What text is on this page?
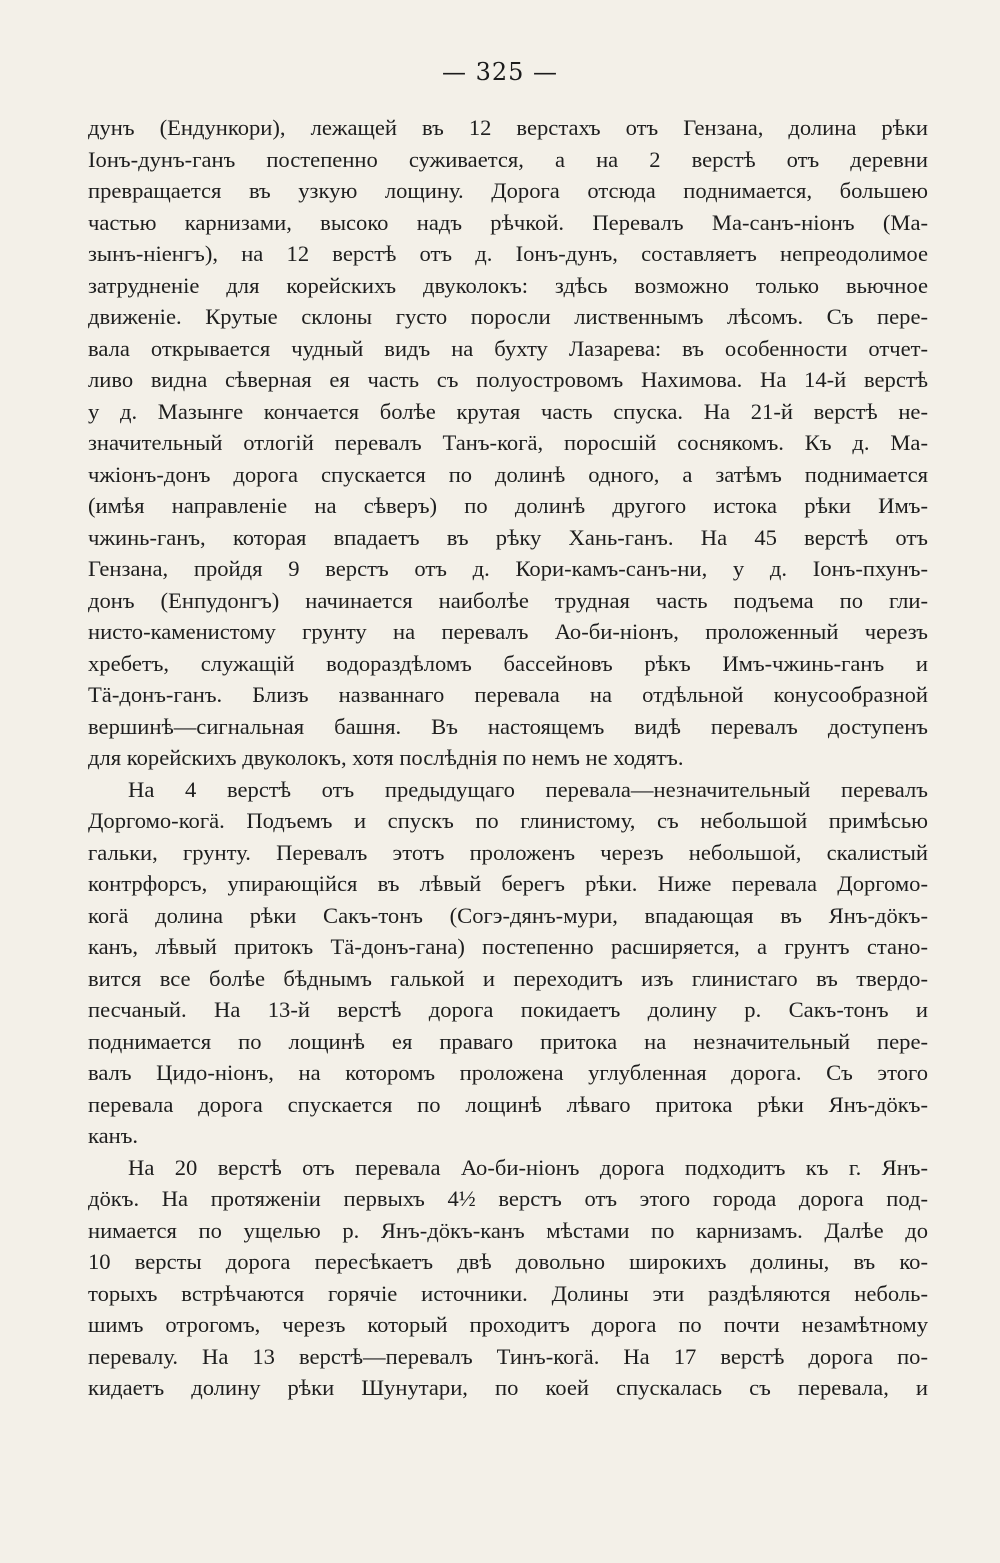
— 325 —
дунъ (Ендункори), лежащей въ 12 верстахъ отъ Гензана, долина рѣки
Іонъ-дунъ-ганъ постепенно суживается, а на 2 верстѣ отъ деревни
превращается въ узкую лощину. Дорога отсюда поднимается, большею
частью карнизами, высоко надъ рѣчкой. Перевалъ Ма-санъ-ніонъ (Ма-
зынъ-ніенгъ), на 12 верстѣ отъ д. Іонъ-дунъ, составляетъ непреодолимое
затрудненіе для корейскихъ двуколокъ: здѣсь возможно только вьючное
движеніе. Крутые склоны густо поросли лиственнымъ лѣсомъ. Съ пере-
вала открывается чудный видъ на бухту Лазарева: въ особенности отчет-
ливо видна сѣверная ея часть съ полуостровомъ Нахимова. На 14-й верстѣ
у д. Мазынге кончается болѣе крутая часть спуска. На 21-й верстѣ не-
значительный отлогій перевалъ Танъ-когä, поросшій соснякомъ. Къ д. Ма-
чжіонъ-донъ дорога спускается по долинѣ одного, а затѣмъ поднимается
(имѣя направленіе на сѣверъ) по долинѣ другого истока рѣки Имъ-
чжинь-ганъ, которая впадаетъ въ рѣку Хань-ганъ. На 45 верстѣ отъ
Гензана, пройдя 9 верстъ отъ д. Кори-камъ-санъ-ни, у д. Іонъ-пхунъ-
донъ (Енпудонгъ) начинается наиболѣе трудная часть подъема по гли-
нисто-каменистому грунту на перевалъ Ао-би-ніонъ, проложенный черезъ
хребетъ, служащій водораздѣломъ бассейновъ рѣкъ Имъ-чжинь-ганъ и
Тä-донъ-ганъ. Близъ названнаго перевала на отдѣльной конусообразной
вершинѣ—сигнальная башня. Въ настоящемъ видѣ перевалъ доступенъ
для корейскихъ двуколокъ, хотя послѣднія по немъ не ходятъ.
На 4 верстѣ отъ предыдущаго перевала—незначительный перевалъ
Доргомо-когä. Подъемъ и спускъ по глинистому, съ небольшой примѣсью
гальки, грунту. Перевалъ этотъ проложенъ черезъ небольшой, скалистый
контрфорсъ, упирающійся въ лѣвый берегъ рѣки. Ниже перевала Доргомо-
когä долина рѣки Сакъ-тонъ (Согэ-дянъ-мури, впадающая въ Янъ-дöкъ-
канъ, лѣвый притокъ Тä-донъ-гана) постепенно расширяется, а грунтъ стано-
вится все болѣе бѣднымъ галькой и переходитъ изъ глинистаго въ твердо-
песчаный. На 13-й верстѣ дорога покидаетъ долину р. Сакъ-тонъ и
поднимается по лощинѣ ея праваго притока на незначительный пере-
валъ Цидо-ніонъ, на которомъ проложена углубленная дорога. Съ этого
перевала дорога спускается по лощинѣ лѣваго притока рѣки Янъ-дöкъ-
канъ.
На 20 верстѣ отъ перевала Ао-би-ніонъ дорога подходитъ къ г. Янъ-
дöкъ. На протяженіи первыхъ 4½ верстъ отъ этого города дорога под-
нимается по ущелью р. Янъ-дöкъ-канъ мѣстами по карнизамъ. Далѣе до
10 версты дорога пересѣкаетъ двѣ довольно широкихъ долины, въ ко-
торыхъ встрѣчаются горячіе источники. Долины эти раздѣляются неболь-
шимъ отрогомъ, черезъ который проходитъ дорога по почти незамѣтному
перевалу. На 13 верстѣ—перевалъ Тинъ-когä. На 17 верстѣ дорога по-
кидаетъ долину рѣки Шунутари, по коей спускалась съ перевала, и
